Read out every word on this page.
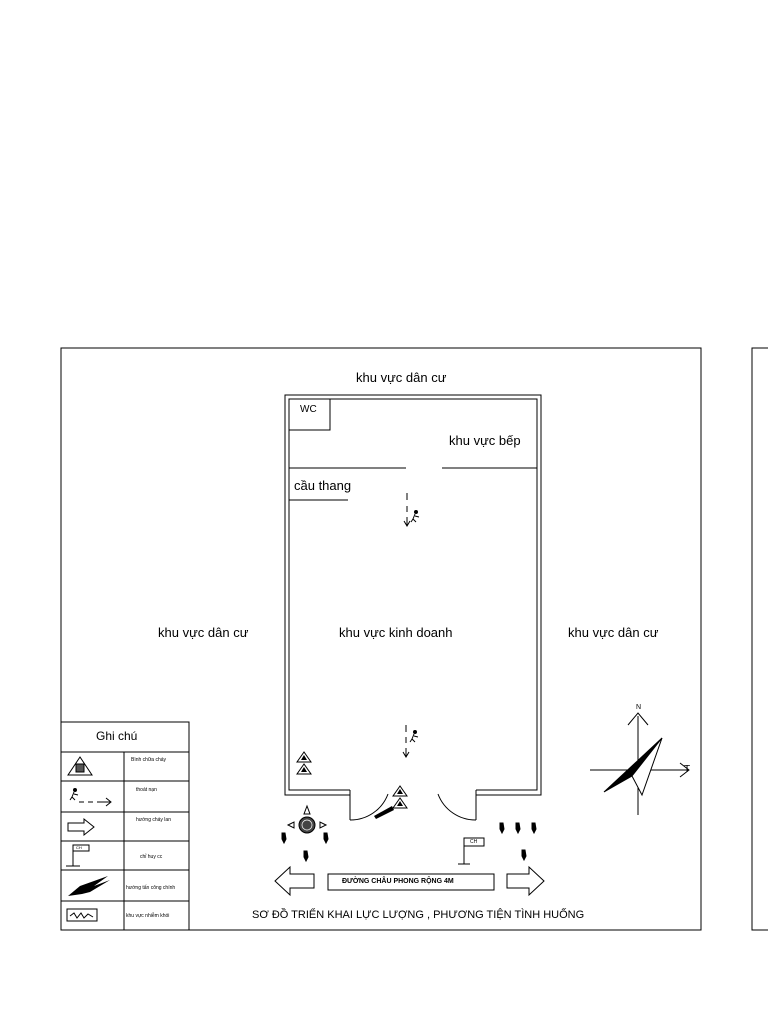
khu vực dân cư
khu vực dân cư	khu vực dân cư
WC
khu vực bếp
cầu thang
khu vực kinh doanh
ĐƯỜNG CHÂU PHONG RỘNG 4M
SƠ ĐỒ TRIỂN KHAI LỰC LƯỢNG , PHƯƠNG TIỆN TÌNH HUỐNG
CH
N
T
Ghi chú
Bình chữa cháy
thoát nạn
hướng cháy lan
chỉ huy cc
CH
hướng tấn công chính
khu vực nhiễm khói
